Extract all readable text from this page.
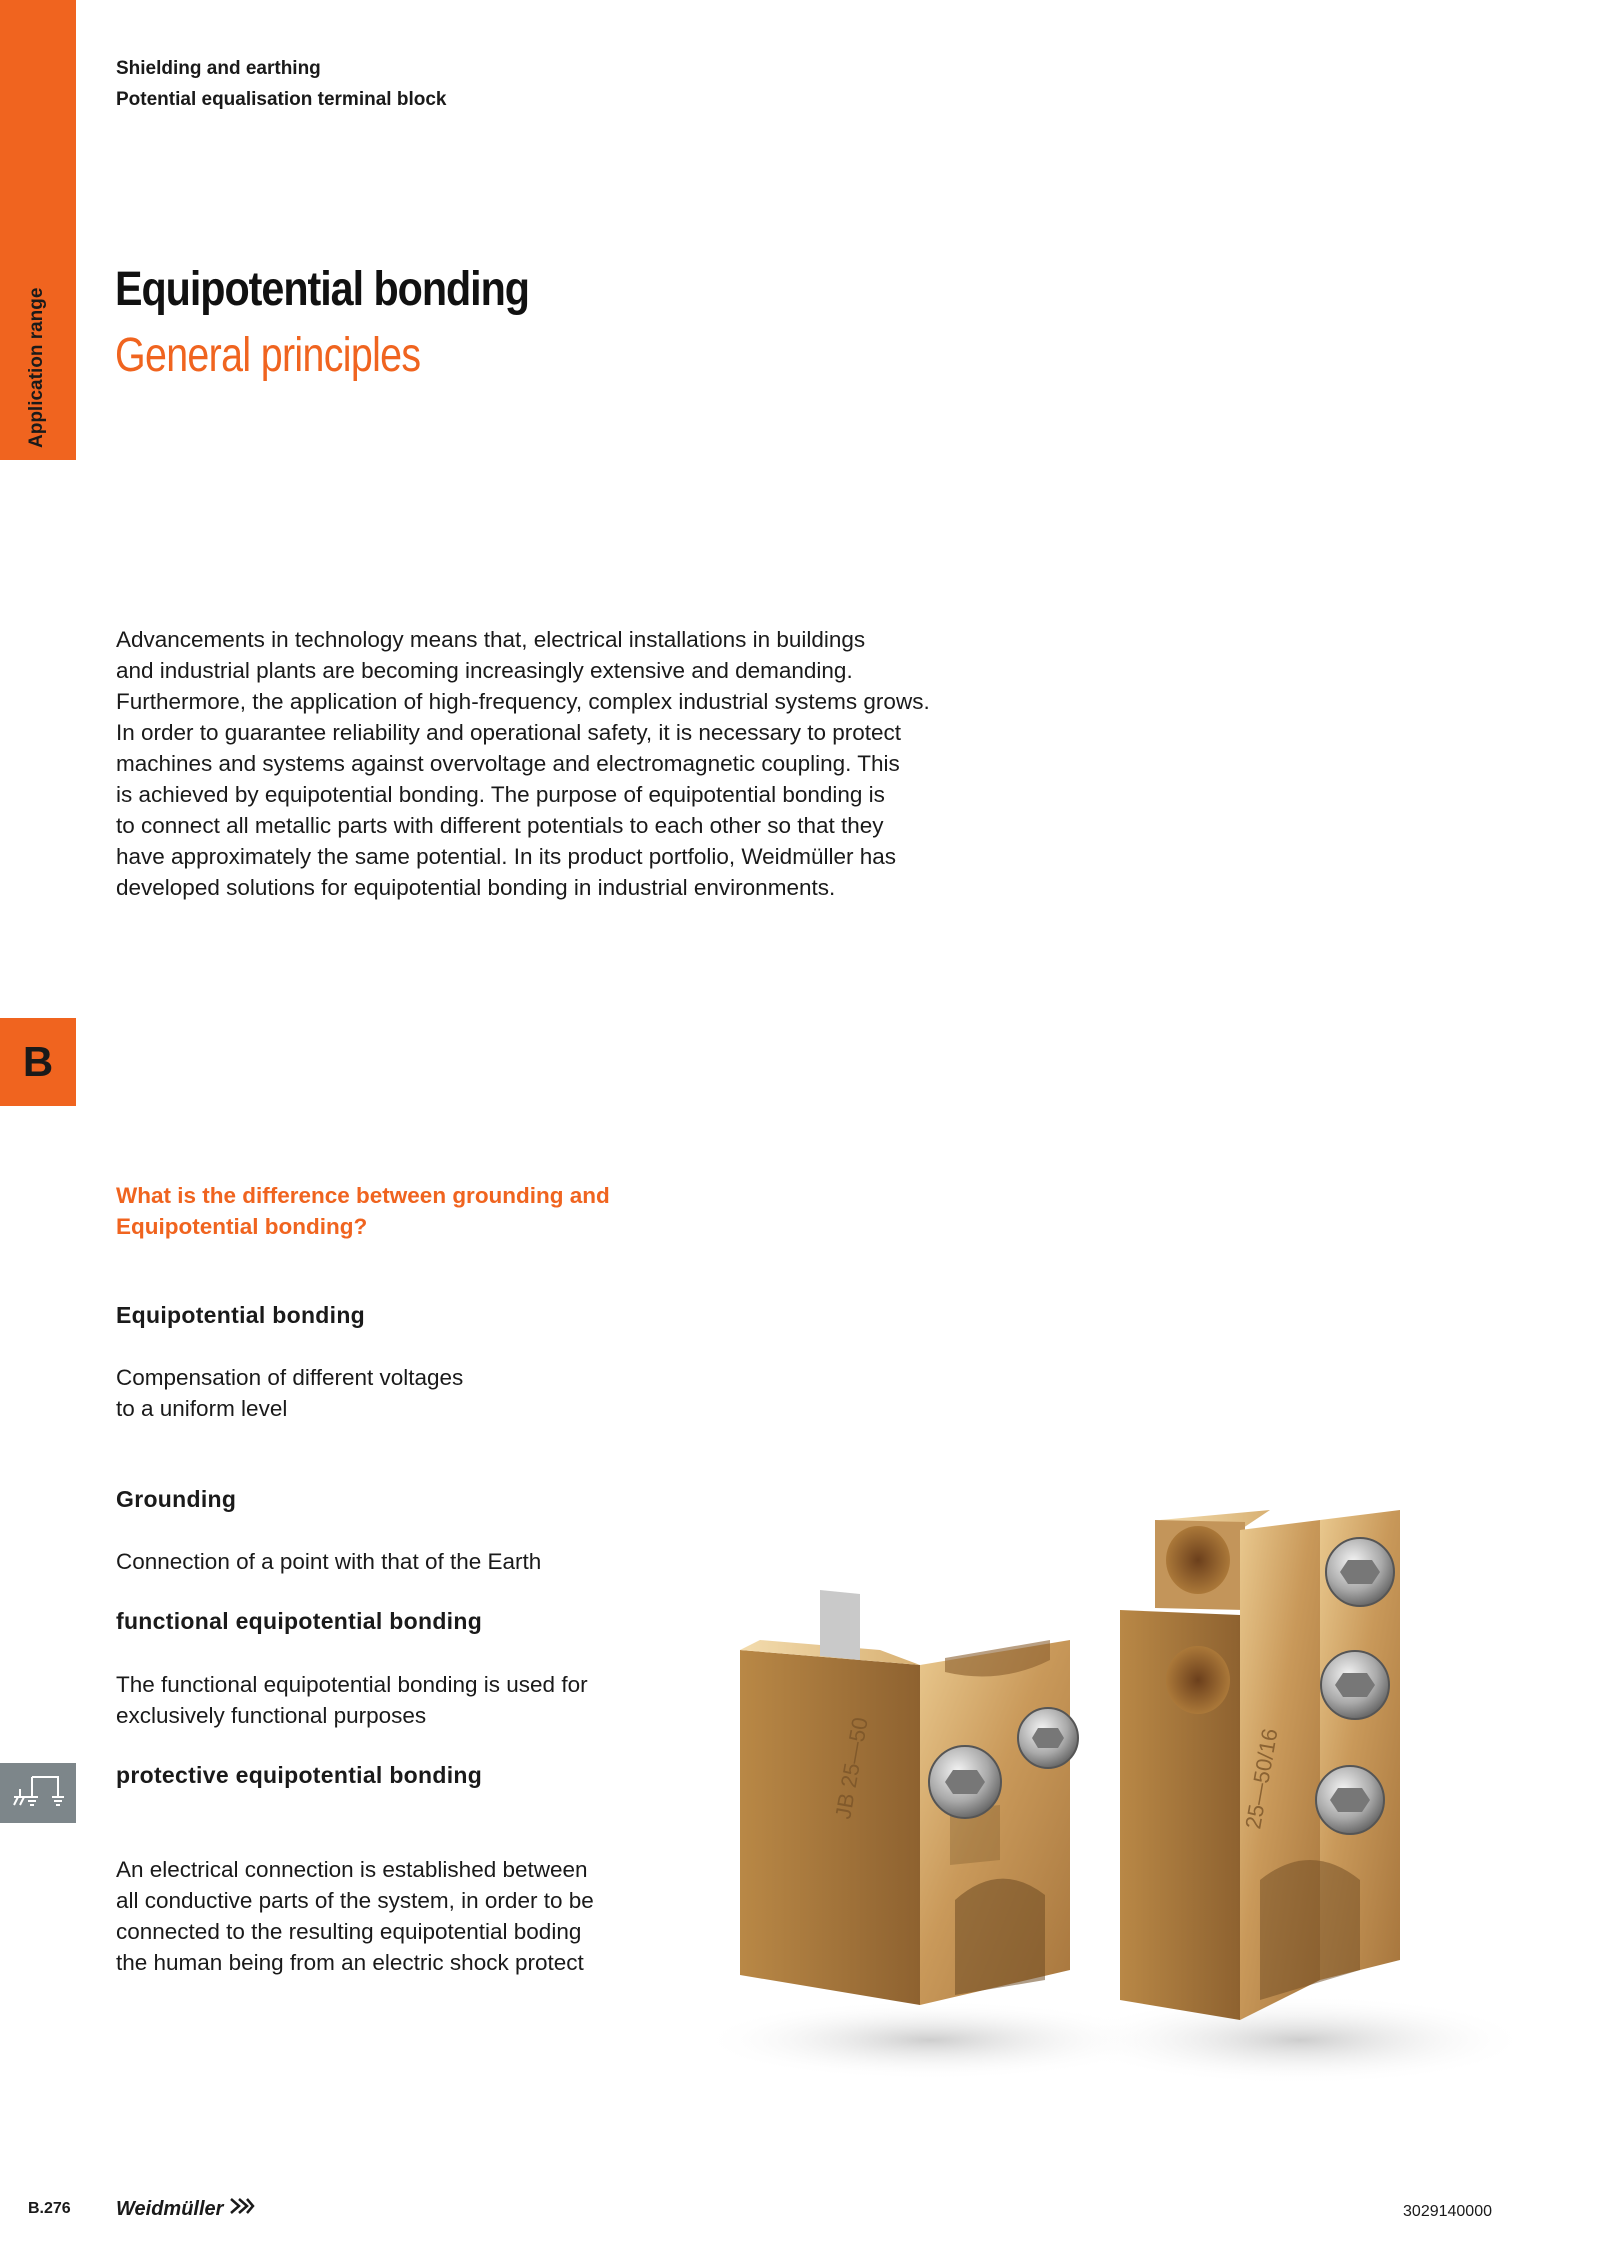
Application range
B
Shielding and earthing
Potential equalisation terminal block
Equipotential bonding
General principles

Advancements in technology means that, electrical installations in buildings
and industrial plants are becoming increasingly extensive and demanding.
Furthermore, the application of high-frequency, complex industrial systems grows.
In order to guarantee reliability and operational safety, it is necessary to protect
machines and systems against overvoltage and electromagnetic coupling. This
is achieved by equipotential bonding. The purpose of equipotential bonding is
to connect all metallic parts with different potentials to each other so that they
have approximately the same potential. In its product portfolio, Weidmüller has
developed solutions for equipotential bonding in industrial environments.

What is the difference between grounding and
Equipotential bonding?

Equipotential bonding

Compensation of different voltages
to a uniform level

Grounding

Connection of a point with that of the Earth

functional equipotential bonding

The functional equipotential bonding is used for
exclusively functional purposes

protective equipotential bonding

An electrical connection is established between
all conductive parts of the system, in order to be
connected to the resulting equipotential boding
the human being from an electric shock protect

JB 25—50	25—50/16
B.276 Weidmüller	3029140000
